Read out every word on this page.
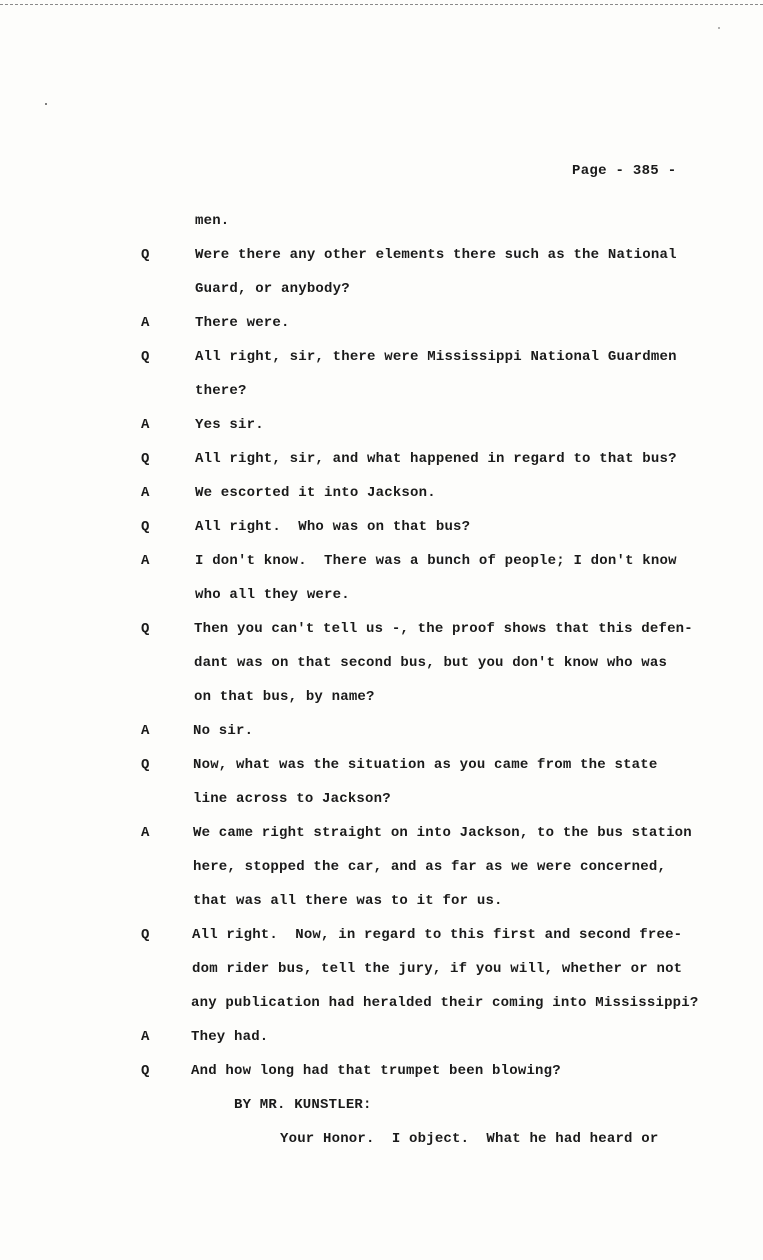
Page - 385 -
men.
Q	Were there any other elements there such as the National
Guard, or anybody?
A	There were.
Q	All right, sir, there were Mississippi National Guardmen
there?
A	Yes sir.
Q	All right, sir, and what happened in regard to that bus?
A	We escorted it into Jackson.
Q	All right.  Who was on that bus?
A	I don't know.  There was a bunch of people; I don't know
who all they were.
Q	Then you can't tell us -, the proof shows that this defen-
dant was on that second bus, but you don't know who was
on that bus, by name?
A	No sir.
Q	Now, what was the situation as you came from the state
line across to Jackson?
A	We came right straight on into Jackson, to the bus station
here, stopped the car, and as far as we were concerned,
that was all there was to it for us.
Q	All right.  Now, in regard to this first and second free-
dom rider bus, tell the jury, if you will, whether or not
any publication had heralded their coming into Mississippi?
A	They had.
Q	And how long had that trumpet been blowing?
BY MR. KUNSTLER:
Your Honor.  I object.  What he had heard or
